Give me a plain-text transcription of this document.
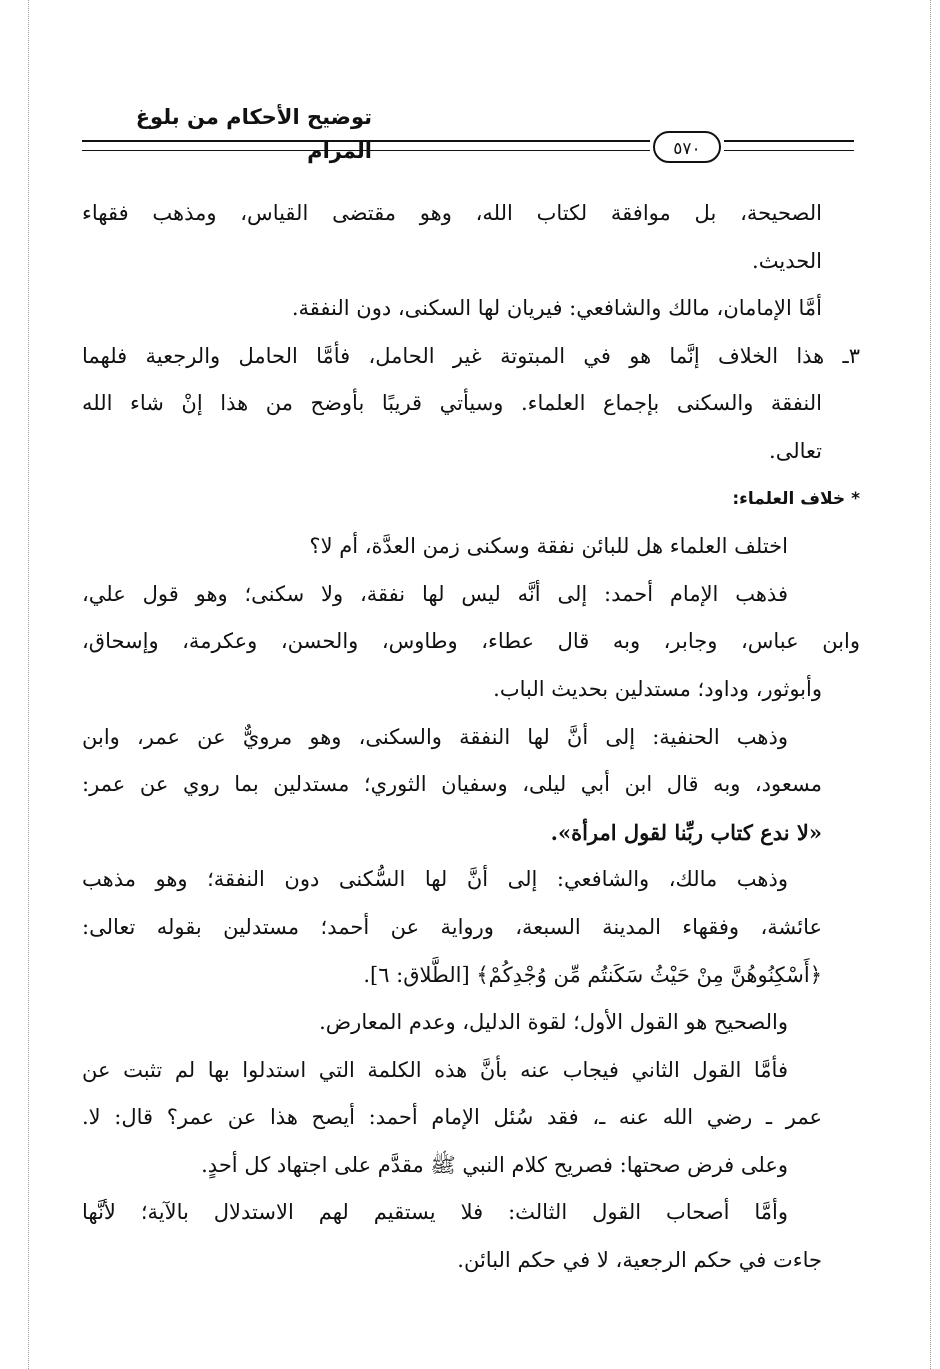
توضيح الأحكام من بلوغ المرام	٥٧٠
الصحيحة، بل موافقة لكتاب الله، وهو مقتضى القياس، ومذهب فقهاء
الحديث.
أمَّا الإمامان، مالك والشافعي: فيريان لها السكنى، دون النفقة.
٣ـ هذا الخلاف إنَّما هو في المبتوتة غير الحامل، فأمَّا الحامل والرجعية فلهما
النفقة والسكنى بإجماع العلماء. وسيأتي قريبًا بأوضح من هذا إنْ شاء الله
تعالى.
* خلاف العلماء:
اختلف العلماء هل للبائن نفقة وسكنى زمن العدَّة، أم لا؟
فذهب الإمام أحمد: إلى أنَّه ليس لها نفقة، ولا سكنى؛ وهو قول علي،
وابن عباس، وجابر، وبه قال عطاء، وطاوس، والحسن، وعكرمة، وإسحاق،
وأبوثور، وداود؛ مستدلين بحديث الباب.
وذهب الحنفية: إلى أنَّ لها النفقة والسكنى، وهو مرويٌّ عن عمر، وابن
مسعود، وبه قال ابن أبي ليلى، وسفيان الثوري؛ مستدلين بما روي عن عمر:
«لا ندع كتاب ربِّنا لقول امرأة».
وذهب مالك، والشافعي: إلى أنَّ لها السُّكنى دون النفقة؛ وهو مذهب
عائشة، وفقهاء المدينة السبعة، ورواية عن أحمد؛ مستدلين بقوله تعالى:
﴿أَسْكِنُوهُنَّ مِنْ حَيْثُ سَكَنتُم مِّن وُجْدِكُمْ﴾ [الطَّلاق: ٦].
والصحيح هو القول الأول؛ لقوة الدليل، وعدم المعارض.
فأمَّا القول الثاني فيجاب عنه بأنَّ هذه الكلمة التي استدلوا بها لم تثبت عن
عمر ـ رضي الله عنه ـ، فقد سُئل الإمام أحمد: أيصح هذا عن عمر؟ قال: لا.
وعلى فرض صحتها: فصريح كلام النبي ﷺ مقدَّم على اجتهاد كل أحدٍ.
وأمَّا أصحاب القول الثالث: فلا يستقيم لهم الاستدلال بالآية؛ لأنَّها
جاءت في حكم الرجعية، لا في حكم البائن.
